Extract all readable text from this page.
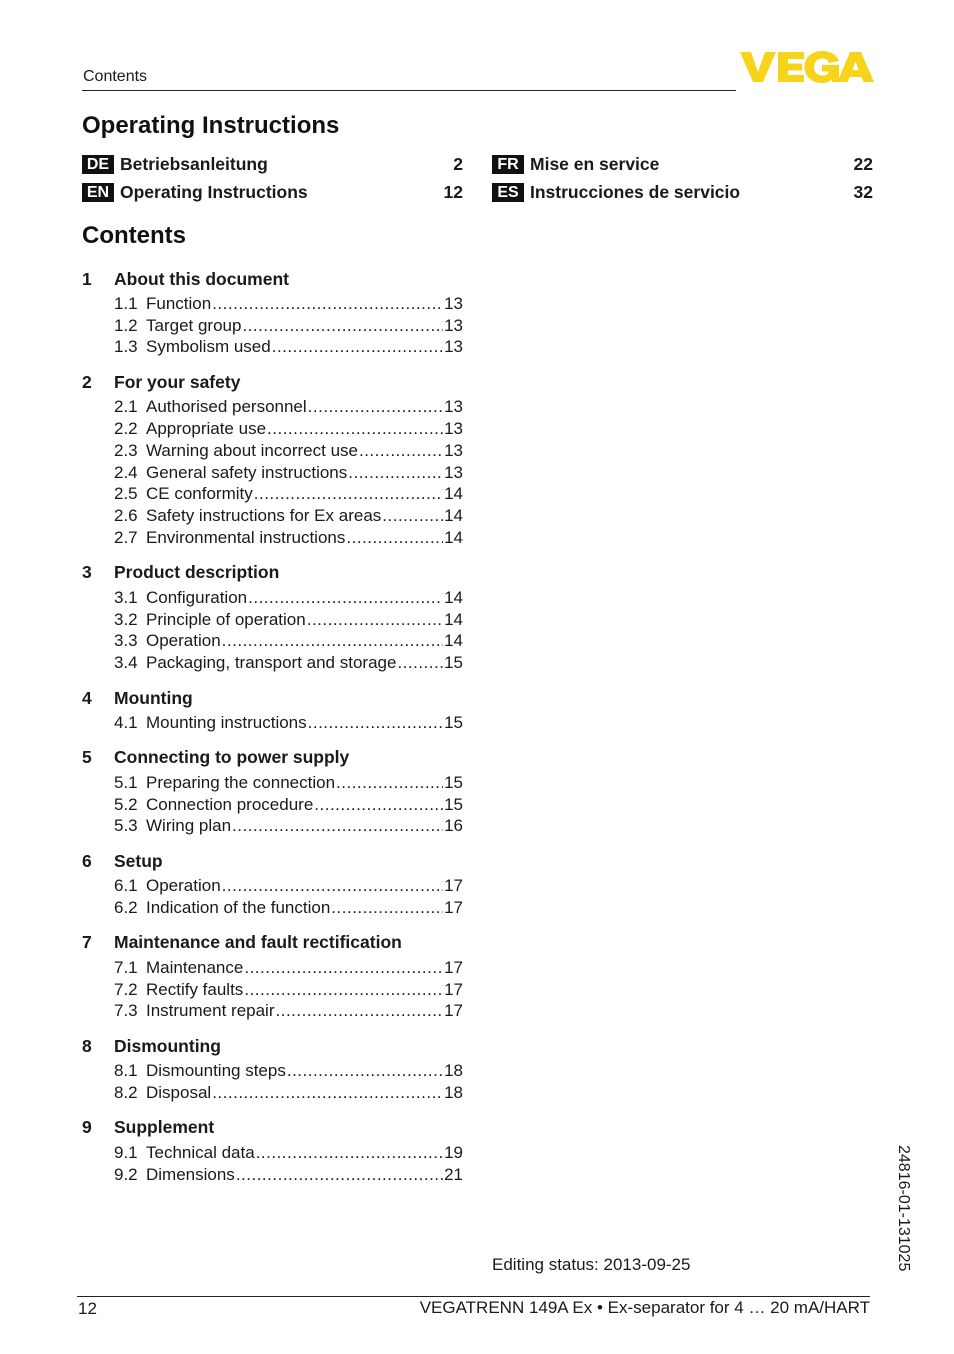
Contents
Operating Instructions
DE Betriebsanleitung	2
EN Operating Instructions	12
FR Mise en service	22
ES Instrucciones de servicio	32
Contents
1	About this document
1.1 Function .....	13
1.2 Target group .....	13
1.3 Symbolism used .....	13
2	For your safety
2.1 Authorised personnel .....	13
2.2 Appropriate use .....	13
2.3 Warning about incorrect use .....	13
2.4 General safety instructions .....	13
2.5 CE conformity .....	14
2.6 Safety instructions for Ex areas .....	14
2.7 Environmental instructions .....	14
3	Product description
3.1 Configuration .....	14
3.2 Principle of operation .....	14
3.3 Operation .....	14
3.4 Packaging, transport and storage .....	15
4	Mounting
4.1 Mounting instructions .....	15
5	Connecting to power supply
5.1 Preparing the connection .....	15
5.2 Connection procedure .....	15
5.3 Wiring plan .....	16
6	Setup
6.1 Operation .....	17
6.2 Indication of the function .....	17
7	Maintenance and fault rectification
7.1 Maintenance .....	17
7.2 Rectify faults .....	17
7.3 Instrument repair .....	17
8	Dismounting
8.1 Dismounting steps .....	18
8.2 Disposal .....	18
9	Supplement
9.1 Technical data .....	19
9.2 Dimensions .....	21
Editing status: 2013-09-25	24816-01-131025
12	VEGATRENN 149A Ex • Ex-separator for 4 … 20 mA/HART
